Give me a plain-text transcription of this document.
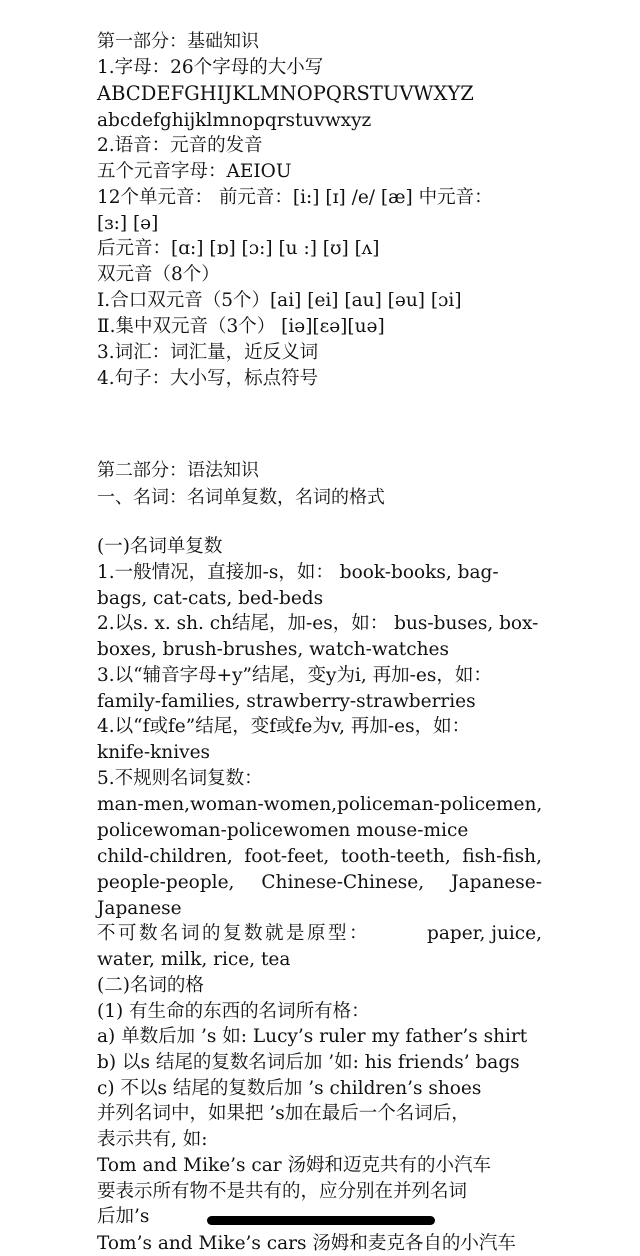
第一部分：基础知识
1.字母：26个字母的大小写
ABCDEFGHIJKLMNOPQRSTUVWXYZ
abcdefghijklmnopqrstuvwxyz
2.语音：元音的发音
五个元音字母：AEIOU
12个单元音： 前元音：[i:] [ɪ] /e/ [æ] 中元音：
[ɜ:] [ə]
后元音：[ɑ:] [ɒ] [ɔ:] [u :] [ʊ] [ʌ]
双元音（8个）
Ⅰ.合口双元音（5个）[ai] [ei] [au] [əu] [ɔi]
Ⅱ.集中双元音（3个） [iə][ɛə][uə]
3.词汇：词汇量，近反义词
4.句子：大小写，标点符号
第二部分：语法知识
一、名词：名词单复数，名词的格式
(一)名词单复数
1.一般情况，直接加-s，如： book-books, bag-
bags, cat-cats, bed-beds
2.以s. x. sh. ch结尾，加-es，如： bus-buses, box-
boxes, brush-brushes, watch-watches
3.以“辅音字母+y”结尾，变y为i, 再加-es，如：
family-families, strawberry-strawberries
4.以“f或fe”结尾，变f或fe为v, 再加-es，如：
knife-knives
5.不规则名词复数：
man-men, woman-women, policeman-policemen,
policewoman-policewomen mouse-mice
child-children, foot-feet, tooth-teeth, fish-fish,
people-people, Chinese-Chinese, Japanese-
Japanese
不可数名词的复数就是原型：	paper, juice,
water, milk, rice, tea
(二)名词的格
(1) 有生命的东西的名词所有格：
a) 单数后加 ’s 如: Lucy’s ruler my father’s shirt
b) 以s 结尾的复数名词后加 ’如: his friends’ bags
c) 不以s 结尾的复数后加 ’s children’s shoes
并列名词中，如果把 ’s加在最后一个名词后，
表示共有, 如:
Tom and Mike’s car 汤姆和迈克共有的小汽车
要表示所有物不是共有的，应分别在并列名词
后加’s
Tom’s and Mike’s cars 汤姆和麦克各自的小汽车
